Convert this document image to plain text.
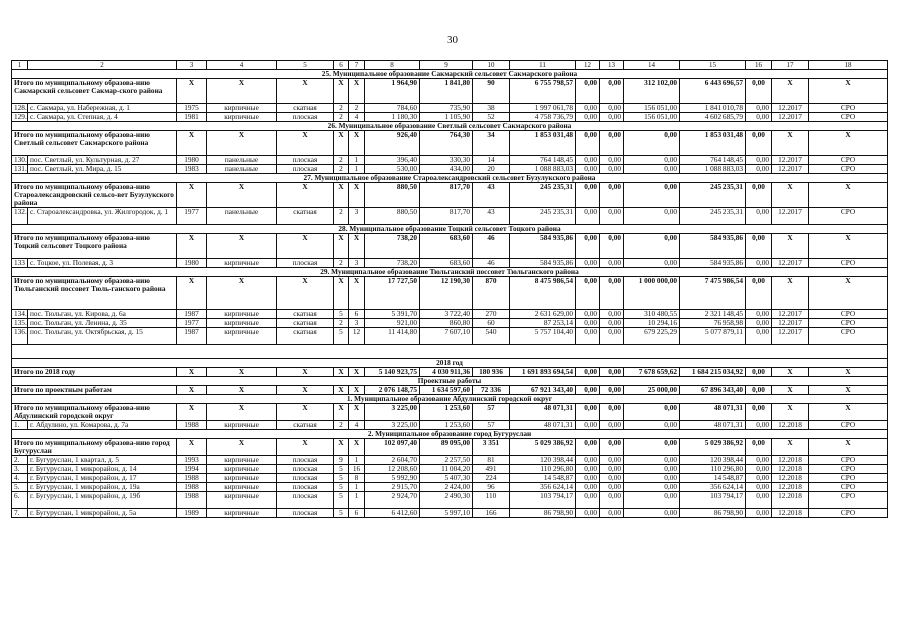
30
1	2	3	4	5	6	7	8	9	10	11	12	13	14	15	16	17	18
25. Муниципальное образование Сакмарский сельсовет Сакмарского района																	
Итого по муниципальному образова-нию Сакмарский сельсовет Сакмар-ского района		X	X	X	X	X	1 964,90	1 841,80	90	6 755 798,57	0,00	0,00	312 102,00	6 443 696,57	0,00	X	X
128.	с. Сакмара, ул. Набережная, д. 1	1975	кирпичные	скатная	2	2	784,60	735,90	38	1 997 061,78	0,00	0,00	156 051,00	1 841 010,78	0,00	12.2017	СРО
129.	с. Сакмара, ул. Степная, д. 4	1981	кирпичные	плоская	2	4	1 180,30	1 105,90	52	4 758 736,79	0,00	0,00	156 051,00	4 602 685,79	0,00	12.2017	СРО
26. Муниципальное образование Светлый сельсовет Сакмарского района																	
Итого по муниципальному образова-нию Светлый сельсовет Сакмарского района		X	X	X	X	X	926,40	764,30	34	1 853 031,48	0,00	0,00	0,00	1 853 031,48	0,00	X	X
130.	пос. Светлый, ул. Культурная, д. 27	1980	панельные	плоская	2	1	396,40	330,30	14	764 148,45	0,00	0,00	0,00	764 148,45	0,00	12.2017	СРО
131.	пос. Светлый, ул. Мира, д. 15	1983	панельные	плоская	2	1	530,00	434,00	20	1 088 883,03	0,00	0,00	0,00	1 088 883,03	0,00	12.2017	СРО
27. Муниципальное образование Староалександровский сельсовет Бузулукского района																	
Итого по муниципальному образова-нию Староалександровский сельсо-вет Бузулукского района		X	X	X	X	X	880,50	817,70	43	245 235,31	0,00	0,00	0,00	245 235,31	0,00	X	X
132.	с. Староалександровка, ул. Жилгородок, д. 1	1977	панельные	скатная	2	3	880,50	817,70	43	245 235,31	0,00	0,00	0,00	245 235,31	0,00	12.2017	СРО
28. Муниципальное образование Тоцкий сельсовет Тоцкого района																	
Итого по муниципальному образова-нию Тоцкий сельсовет Тоцкого района		X	X	X	X	X	738,20	683,60	46	584 935,86	0,00	0,00	0,00	584 935,86	0,00	X	X
133	с. Тоцкое, ул. Полевая, д. 3	1980	кирпичные	плоская	2	3	738,20	683,60	46	584 935,86	0,00	0,00	0,00	584 935,86	0,00	12.2017	СРО
29. Муниципальное образование Тюльганский поссовет Тюльганского района																	
Итого по муниципальному образова-нию Тюльганский поссовет Тюль-ганского района		X	X	X	X	X	17 727,50	12 190,30	870	8 475 986,54	0,00	0,00	1 000 000,00	7 475 986,54	0,00	X	X
134.	пос. Тюльган, ул. Кирова, д. 6а	1987	кирпичные	скатная	5	6	5 391,70	3 722,40	270	2 631 629,00	0,00	0,00	310 480,55	2 321 148,45	0,00	12.2017	СРО
135.	пос. Тюльган, ул. Ленина, д. 35	1977	кирпичные	скатная	2	3	921,00	860,80	60	87 253,14	0,00	0,00	10 294,16	76 958,98	0,00	12.2017	СРО
136.	пос. Тюльган, ул. Октябрьская, д. 15	1987	кирпичные	скатная	5	12	11 414,80	7 607,10	540	5 757 104,40	0,00	0,00	679 225,29	5 077 879,11	0,00	12.2017	СРО

2018 год																	
Итого по 2018 году		X	X	X	X	X	5 140 923,75	4 030 911,36	180 936	1 691 893 694,54	0,00	0,00	7 678 659,62	1 684 215 034,92	0,00	X	X
Проектные работы																	
Итого по проектным работам		X	X	X	X	X	2 076 148,75	1 634 597,60	72 336	67 921 343,40	0,00	0,00	25 000,00	67 896 343,40	0,00	X	X
1. Муниципальное образование Абдулинский городской округ																	
Итого по муниципальному образова-нию Абдулинский городской округ		X	X	X	X	X	3 225,00	1 253,60	57	48 071,31	0,00	0,00	0,00	48 071,31	0,00	X	X
1.	г. Абдулино, ул. Комарова, д. 7а	1988	кирпичные	скатная	2	4	3 225,00	1 253,60	57	48 071,31	0,00	0,00	0,00	48 071,31	0,00	12.2018	СРО
2. Муниципальное образование город Бугуруслан																	
Итого по муниципальному образова-нию город Бугуруслан		X	X	X	X	X	102 097,40	89 095,00	3 351	5 029 386,92	0,00	0,00	0,00	5 029 386,92	0,00	X	X
2.	г. Бугуруслан, 1 квартал, д. 5	1993	кирпичные	плоская	9	1	2 604,70	2 257,50	81	120 398,44	0,00	0,00	0,00	120 398,44	0,00	12.2018	СРО
3.	г. Бугуруслан, 1 микрорайон, д. 14	1994	кирпичные	плоская	5	16	12 208,60	11 004,20	491	110 296,80	0,00	0,00	0,00	110 296,80	0,00	12.2018	СРО
4.	г. Бугуруслан, 1 микрорайон, д. 17	1988	кирпичные	плоская	5	8	5 992,90	5 407,30	224	14 548,87	0,00	0,00	0,00	14 548,87	0,00	12.2018	СРО
5.	г. Бугуруслан, 1 микрорайон, д. 19а	1988	кирпичные	плоская	5	1	2 915,70	2 424,00	96	356 624,14	0,00	0,00	0,00	356 624,14	0,00	12.2018	СРО
6.	г. Бугуруслан, 1 микрорайон, д. 19б	1988	кирпичные	плоская	5	1	2 924,70	2 490,30	110	103 794,17	0,00	0,00	0,00	103 794,17	0,00	12.2018	СРО
7.	г. Бугуруслан, 1 микрорайон, д. 5а	1989	кирпичные	плоская	5	6	6 412,60	5 997,10	166	86 798,90	0,00	0,00	0,00	86 798,90	0,00	12.2018	СРО
